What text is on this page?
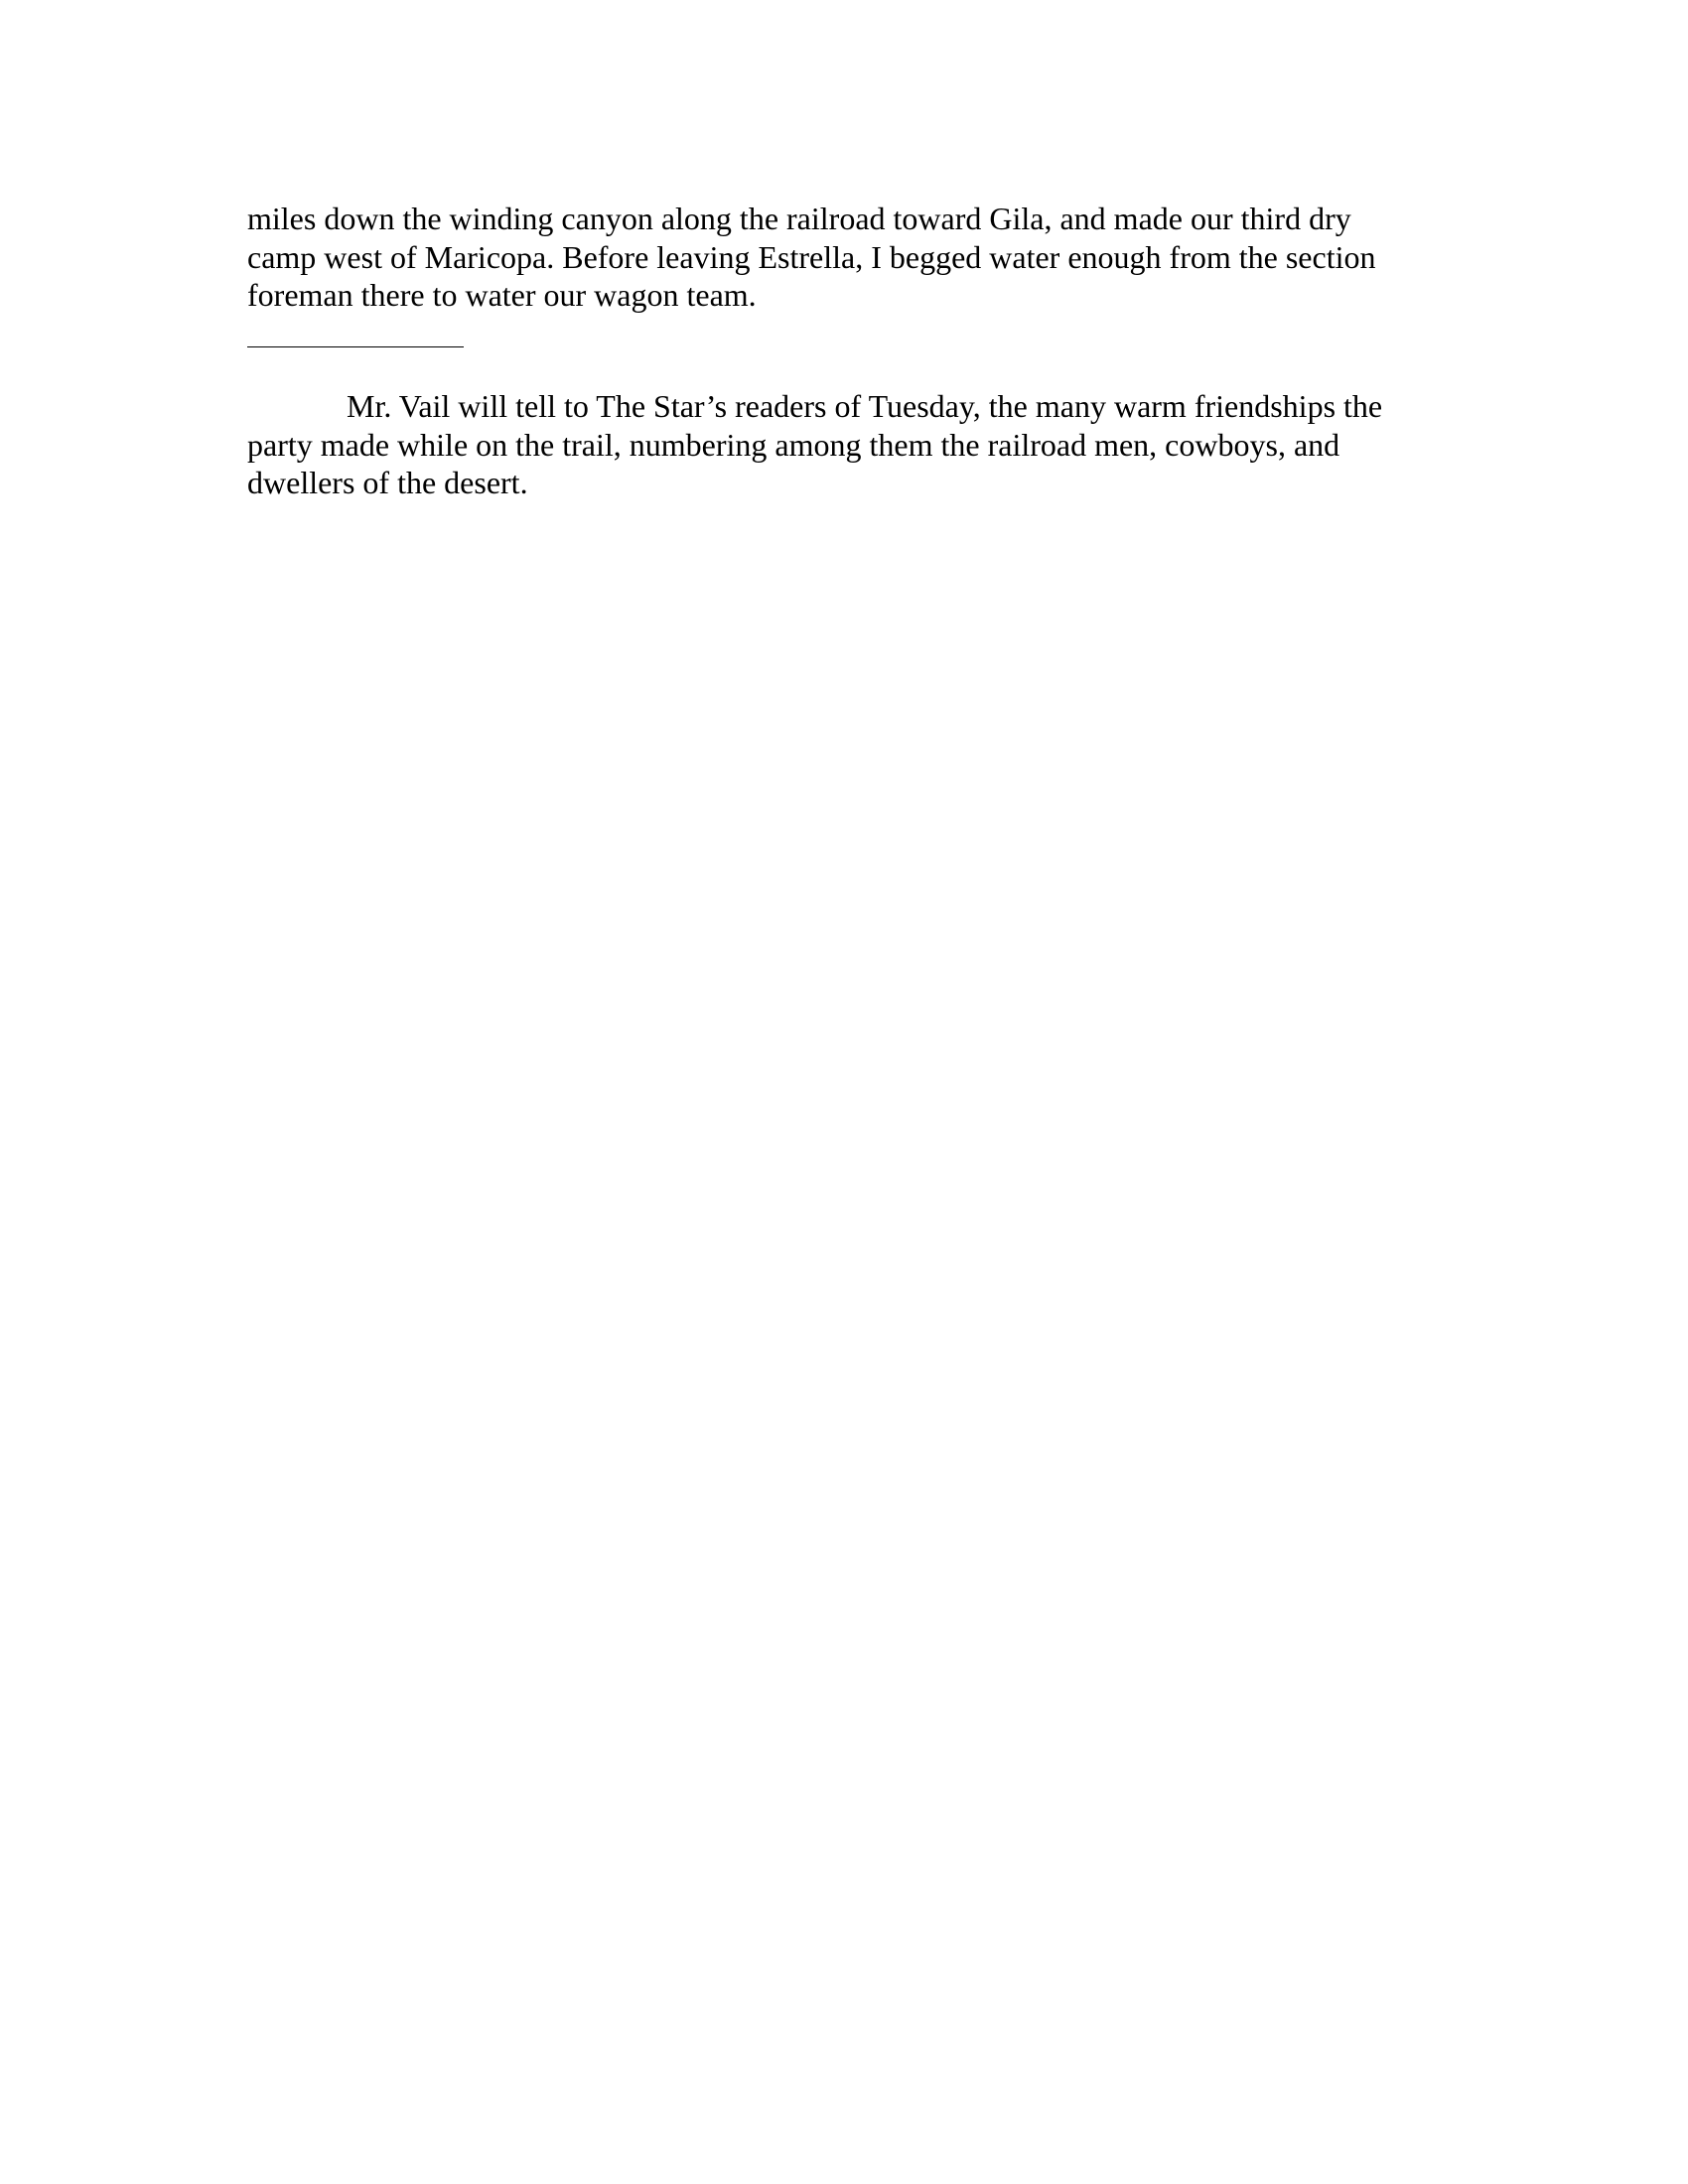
miles down the winding canyon along the railroad toward Gila, and made our third dry
camp west of Maricopa. Before leaving Estrella, I begged water enough from the section
foreman there to water our wagon team.
Mr. Vail will tell to The Star’s readers of Tuesday, the many warm friendships the
party made while on the trail, numbering among them the railroad men, cowboys, and
dwellers of the desert.
